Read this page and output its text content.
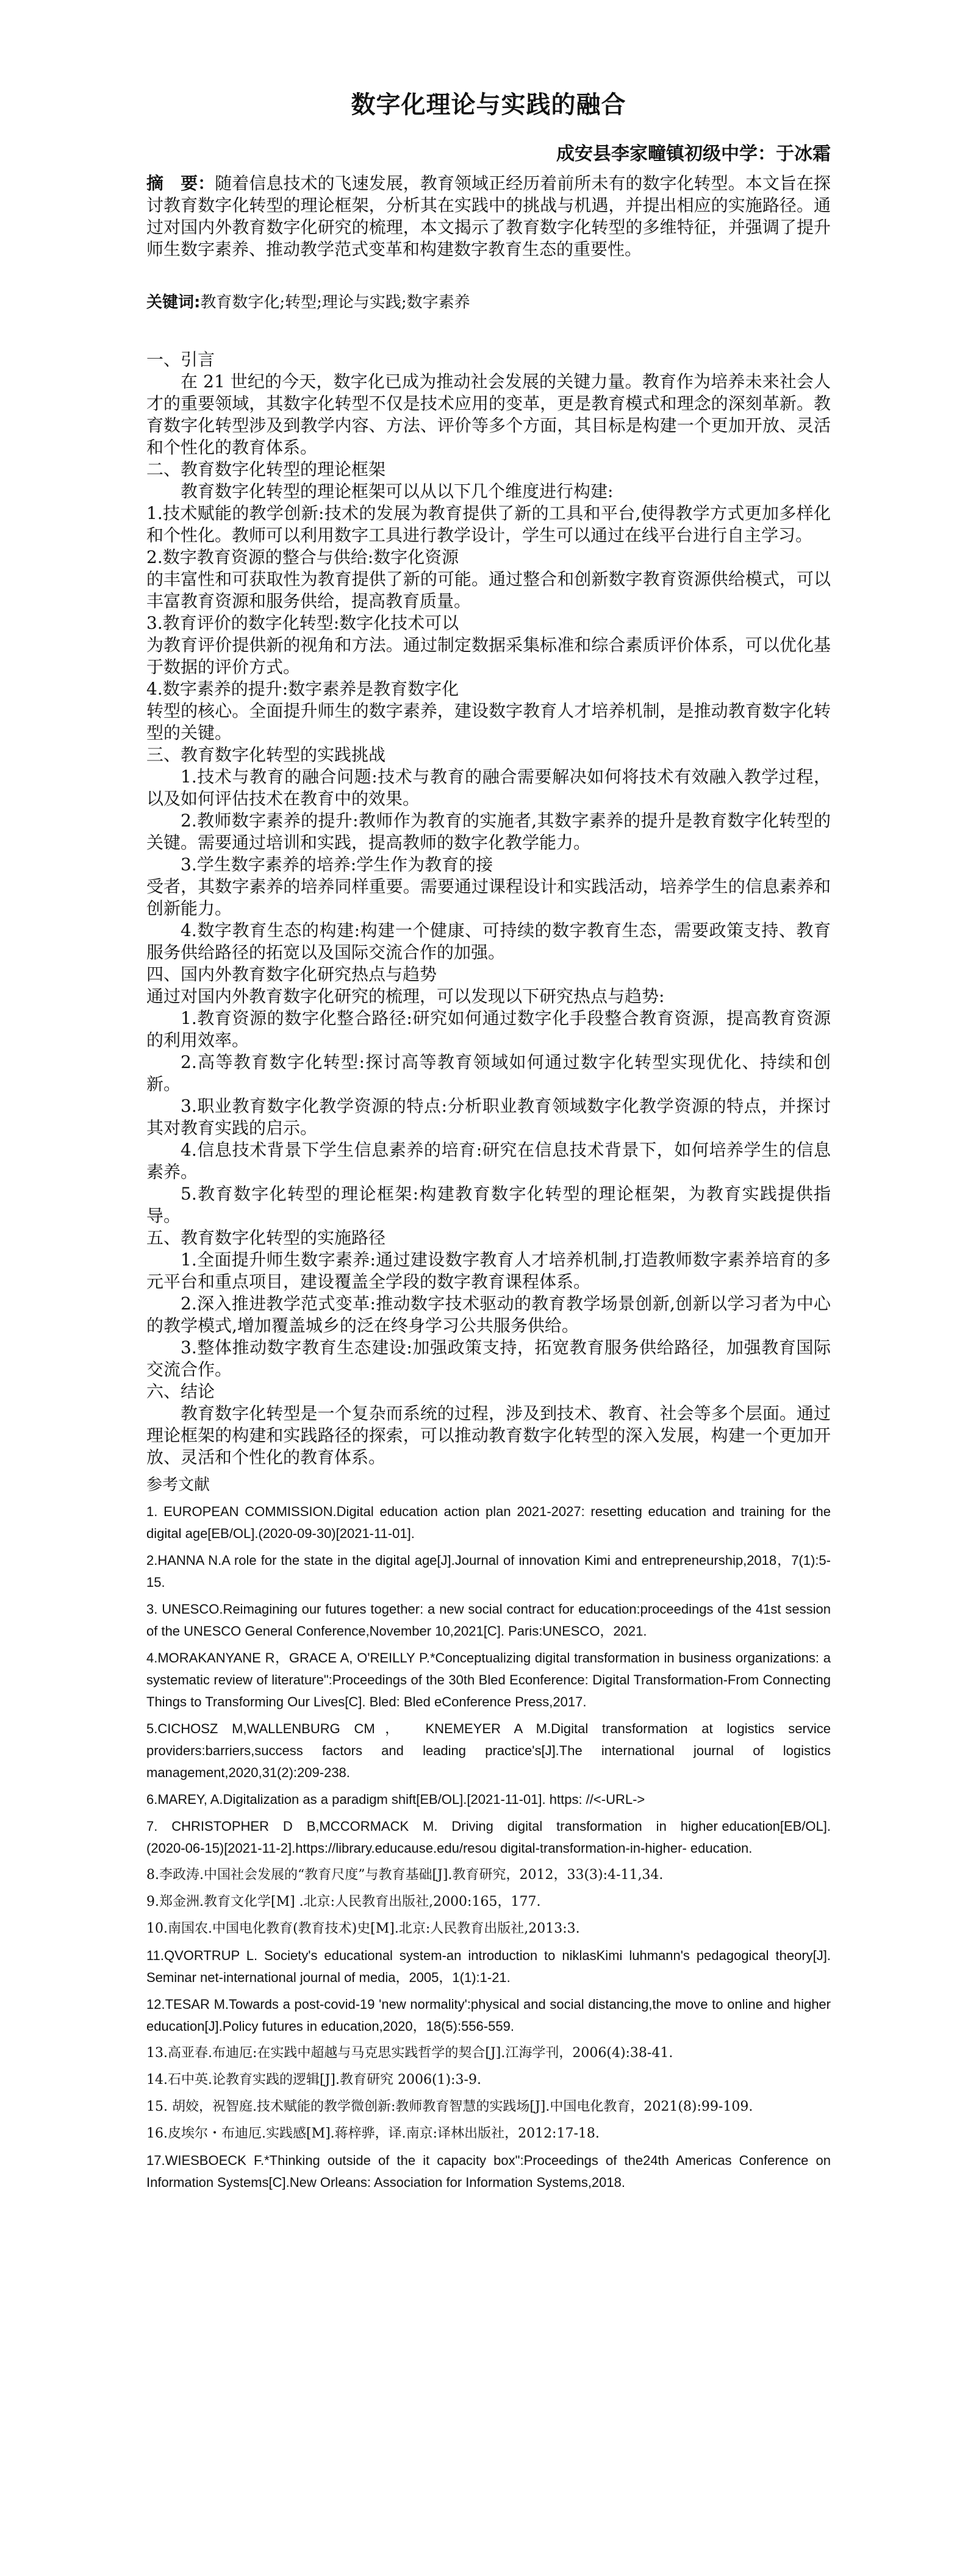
数字化理论与实践的融合
成安县李家疃镇初级中学：于冰霜
摘　要：随着信息技术的飞速发展，教育领域正经历着前所未有的数字化转型。本文旨在探讨教育数字化转型的理论框架，分析其在实践中的挑战与机遇，并提出相应的实施路径。通过对国内外教育数字化研究的梳理，本文揭示了教育数字化转型的多维特征，并强调了提升师生数字素养、推动教学范式变革和构建数字教育生态的重要性。
关键词:教育数字化;转型;理论与实践;数字素养
一、引言

在 21 世纪的今天，数字化已成为推动社会发展的关键力量。教育作为培养未来社会人才的重要领域，其数字化转型不仅是技术应用的变革，更是教育模式和理念的深刻革新。教育数字化转型涉及到教学内容、方法、评价等多个方面，其目标是构建一个更加开放、灵活和个性化的教育体系。

二、教育数字化转型的理论框架

教育数字化转型的理论框架可以从以下几个维度进行构建:

1.技术赋能的教学创新:技术的发展为教育提供了新的工具和平台,使得教学方式更加多样化和个性化。教师可以利用数字工具进行教学设计，学生可以通过在线平台进行自主学习。

2.数字教育资源的整合与供给:数字化资源

的丰富性和可获取性为教育提供了新的可能。通过整合和创新数字教育资源供给模式，可以丰富教育资源和服务供给，提高教育质量。

3.教育评价的数字化转型:数字化技术可以

为教育评价提供新的视角和方法。通过制定数据采集标准和综合素质评价体系，可以优化基于数据的评价方式。

4.数字素养的提升:数字素养是教育数字化

转型的核心。全面提升师生的数字素养，建设数字教育人才培养机制，是推动教育数字化转型的关键。

三、教育数字化转型的实践挑战

1.技术与教育的融合问题:技术与教育的融合需要解决如何将技术有效融入教学过程，以及如何评估技术在教育中的效果。

2.教师数字素养的提升:教师作为教育的实施者,其数字素养的提升是教育数字化转型的关键。需要通过培训和实践，提高教师的数字化教学能力。

3.学生数字素养的培养:学生作为教育的接

受者，其数字素养的培养同样重要。需要通过课程设计和实践活动，培养学生的信息素养和创新能力。

4.数字教育生态的构建:构建一个健康、可持续的数字教育生态，需要政策支持、教育服务供给路径的拓宽以及国际交流合作的加强。

四、国内外教育数字化研究热点与趋势

通过对国内外教育数字化研究的梳理，可以发现以下研究热点与趋势:

1.教育资源的数字化整合路径:研究如何通过数字化手段整合教育资源，提高教育资源的利用效率。

2.高等教育数字化转型:探讨高等教育领域如何通过数字化转型实现优化、持续和创新。

3.职业教育数字化教学资源的特点:分析职业教育领域数字化教学资源的特点，并探讨其对教育实践的启示。

4.信息技术背景下学生信息素养的培育:研究在信息技术背景下，如何培养学生的信息素养。

5.教育数字化转型的理论框架:构建教育数字化转型的理论框架，为教育实践提供指导。

五、教育数字化转型的实施路径

1.全面提升师生数字素养:通过建设数字教育人才培养机制,打造教师数字素养培育的多元平台和重点项目，建设覆盖全学段的数字教育课程体系。

2.深入推进教学范式变革:推动数字技术驱动的教育教学场景创新,创新以学习者为中心的教学模式,增加覆盖城乡的泛在终身学习公共服务供给。

3.整体推动数字教育生态建设:加强政策支持，拓宽教育服务供给路径，加强教育国际交流合作。

六、结论

教育数字化转型是一个复杂而系统的过程，涉及到技术、教育、社会等多个层面。通过理论框架的构建和实践路径的探索，可以推动教育数字化转型的深入发展，构建一个更加开放、灵活和个性化的教育体系。

参考文献

1. EUROPEAN COMMISSION.Digital education action plan 2021-2027: resetting education and training for the digital age[EB/OL].(2020-09-30)[2021-11-01].

2.HANNA N.A role for the state in the digital age[J].Journal of innovation Kimi and entrepreneurship,2018，7(1):5-15.

3. UNESCO.Reimagining our futures together: a new social contract for education:proceedings of the 41st session of the UNESCO General Conference,November 10,2021[C]. Paris:UNESCO，2021.

4.MORAKANYANE R，GRACE A, O'REILLY P.*Conceptualizing digital transformation in business organizations: a systematic review of literature":Proceedings of the 30th Bled Econference: Digital Transformation-From Connecting Things to Transforming Our Lives[C]. Bled: Bled eConference Press,2017.

5.CICHOSZ M,WALLENBURG CM，　KNEMEYER A M.Digital transformation at logistics service providers:barriers,success factors and leading practice's[J].The international journal of logistics management,2020,31(2):209-238.

6.MAREY, A.Digitalization as a paradigm shift[EB/OL].[2021-11-01]. https: //<-URL->

7.　CHRISTOPHER　D　B,MCCORMACK　M.　Driving　digital　transformation　in　higher education[EB/OL].(2020-06-15)[2021-11-2].https://library.educause.edu/resou digital-transformation-in-higher- education.

8.李政涛.中国社会发展的“教育尺度”与教育基础[J].教育研究，2012，33(3):4-11,34.

9.郑金洲.教育文化学[M] .北京:人民教育出版社,2000:165，177.

10.南国农.中国电化教育(教育技术)史[M].北京:人民教育出版社,2013:3.

11.QVORTRUP L. Society's educational system-an introduction to niklasKimi luhmann's pedagogical theory[J]. Seminar net-international journal of media，2005，1(1):1-21.

12.TESAR M.Towards a post-covid-19 'new normality':physical and social distancing,the move to online and higher education[J].Policy futures in education,2020，18(5):556-559.

13.高亚春.布迪厄:在实践中超越与马克思实践哲学的契合[J].江海学刊，2006(4):38-41.

14.石中英.论教育实践的逻辑[J].教育研究 2006(1):3-9.

15. 胡姣，祝智庭.技术赋能的教学微创新:教师教育智慧的实践场[J].中国电化教育，2021(8):99-109.

16.皮埃尔・布迪厄.实践感[M].蒋梓骅，译.南京:译林出版社，2012:17-18.

17.WIESBOECK F.*Thinking outside of the it capacity box":Proceedings of the24th Americas Conference on Information Systems[C].New Orleans: Association for Information Systems,2018.
